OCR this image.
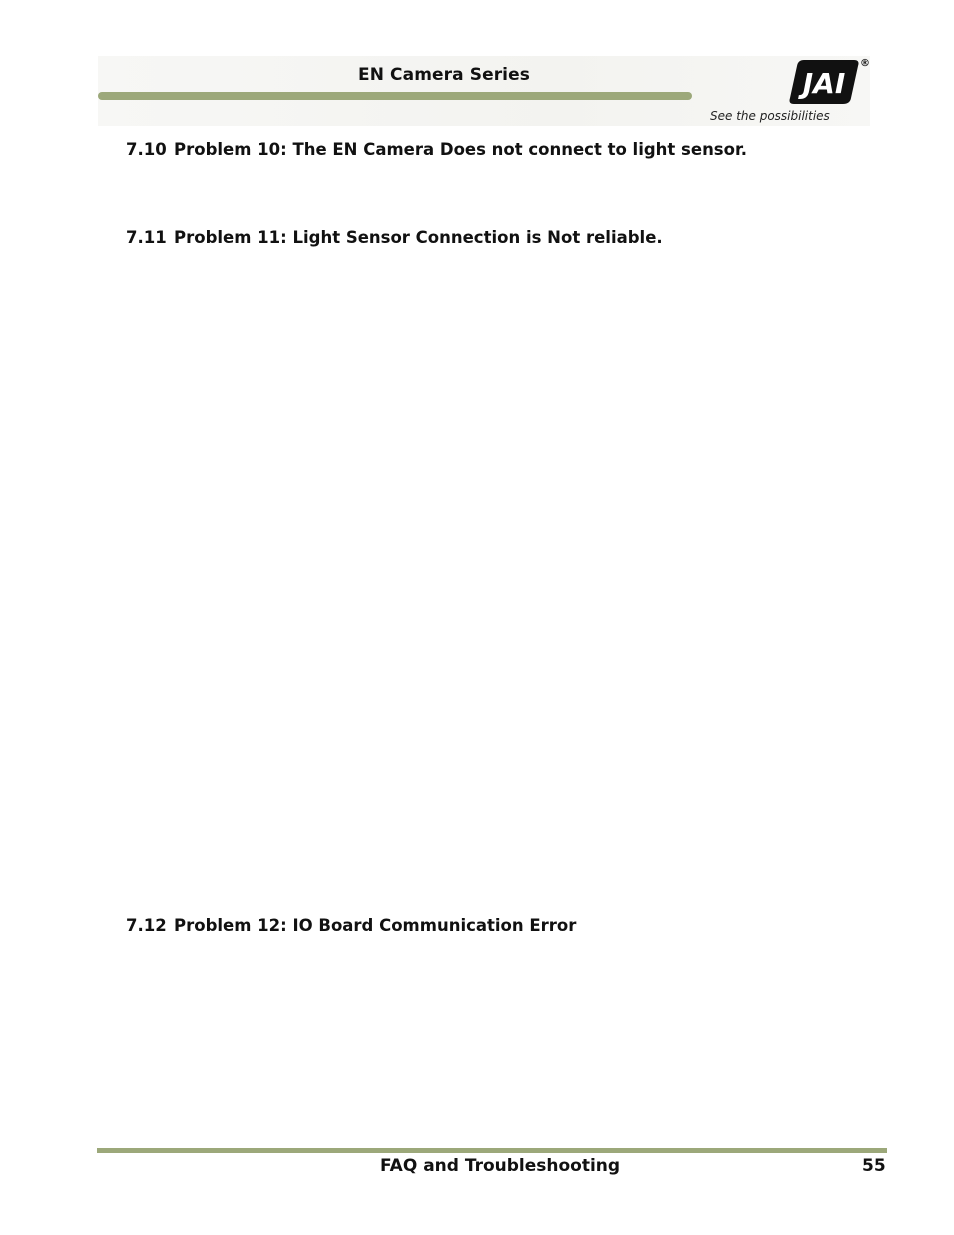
EN Camera Series	JAI
®
See the possibilities
7.10 Problem 10: The EN Camera Does not connect to light sensor.
7.11 Problem 11: Light Sensor Connection is Not reliable.
7.12 Problem 12: IO Board Communication Error
FAQ and Troubleshooting	55
